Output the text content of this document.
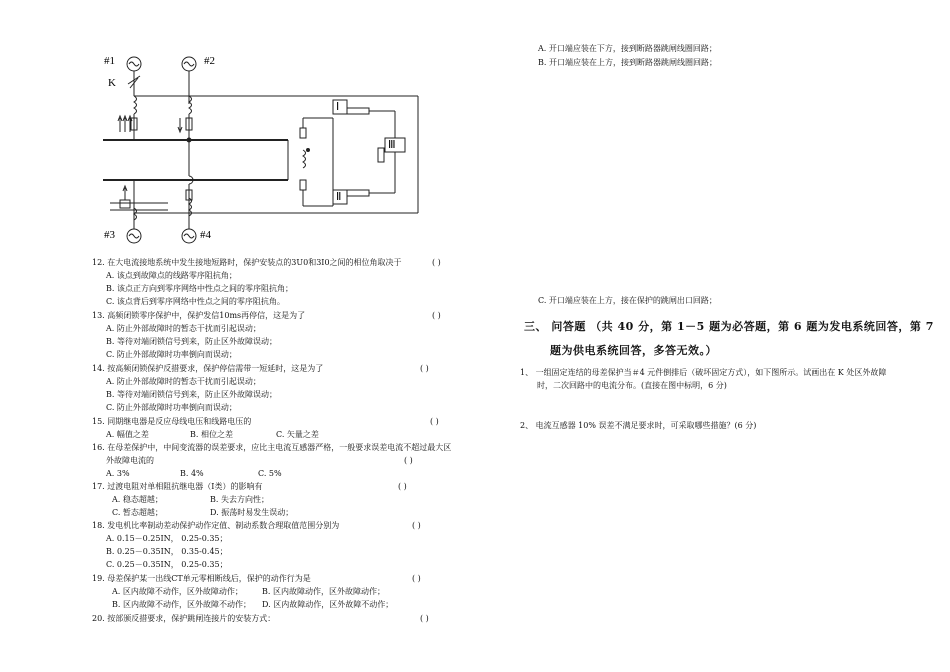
#1	#2
#3	#4
K
Ⅰ
Ⅱ
Ⅲ
12. 在大电流接地系统中发生接地短路时，保护安装点的3U0和3I0之间的相位角取决于	( )
A. 该点到故障点的线路零序阻抗角；
B. 该点正方向到零序网络中性点之间的零序阻抗角；
C. 该点背后到零序网络中性点之间的零序阻抗角。
13. 高频闭锁零序保护中，保护发信10ms再停信，这是为了	( )
A. 防止外部故障时的暂态干扰而引起误动；
B. 等待对端闭锁信号到来，防止区外故障误动；
C. 防止外部故障时功率倒向而误动；
14. 按高频闭锁保护反措要求，保护停信需带一短延时，这是为了	( )
A. 防止外部故障时的暂态干扰而引起误动；
B. 等待对端闭锁信号到来，防止区外故障误动；
C. 防止外部故障时功率倒向而误动；
15. 同期继电器是反应母线电压和线路电压的	( )
A. 幅值之差	B. 相位之差	C. 矢量之差
16. 在母差保护中，中间变流器的误差要求，应比主电流互感器严格，一般要求误差电流不超过最大区
外故障电流的	( )
A. 3%	B. 4%	C. 5%
17. 过渡电阻对单相阻抗继电器（Ⅰ类）的影响有	( )
A. 稳态超越；	B. 失去方向性；
C. 暂态超越；	D. 振荡时易发生误动；
18. 发电机比率制动差动保护动作定值、制动系数合理取值范围分别为	( )
A. 0.15－0.25IN， 0.25-0.35；
B. 0.25－0.35IN， 0.35-0.45；
C. 0.25－0.35IN， 0.25-0.35；
19. 母差保护某一出线CT单元零相断线后，保护的动作行为是	( )
A. 区内故障不动作，区外故障动作； B. 区内故障动作，区外故障动作；
B. 区内故障不动作，区外故障不动作； D. 区内故障动作，区外故障不动作；
20. 按部颁反措要求，保护跳闸连接片的安装方式：	( )
A. 开口端应装在下方，接到断路器跳闸线圈回路；
B. 开口端应装在上方，接到断路器跳闸线圈回路；
C. 开口端应装在上方，接在保护的跳闸出口回路；
三、 问答题 （共 40 分，第 1－5 题为必答题，第 6 题为发电系统回答，第 7
题为供电系统回答，多答无效。）
1、 一组固定连结的母差保护当＃4 元件倒排后（破坏固定方式），如下图所示。试画出在 K 处区外故障
时，二次回路中的电流分布。(直接在图中标明，6 分)
2、 电流互感器 10% 误差不满足要求时，可采取哪些措施？(6 分)
